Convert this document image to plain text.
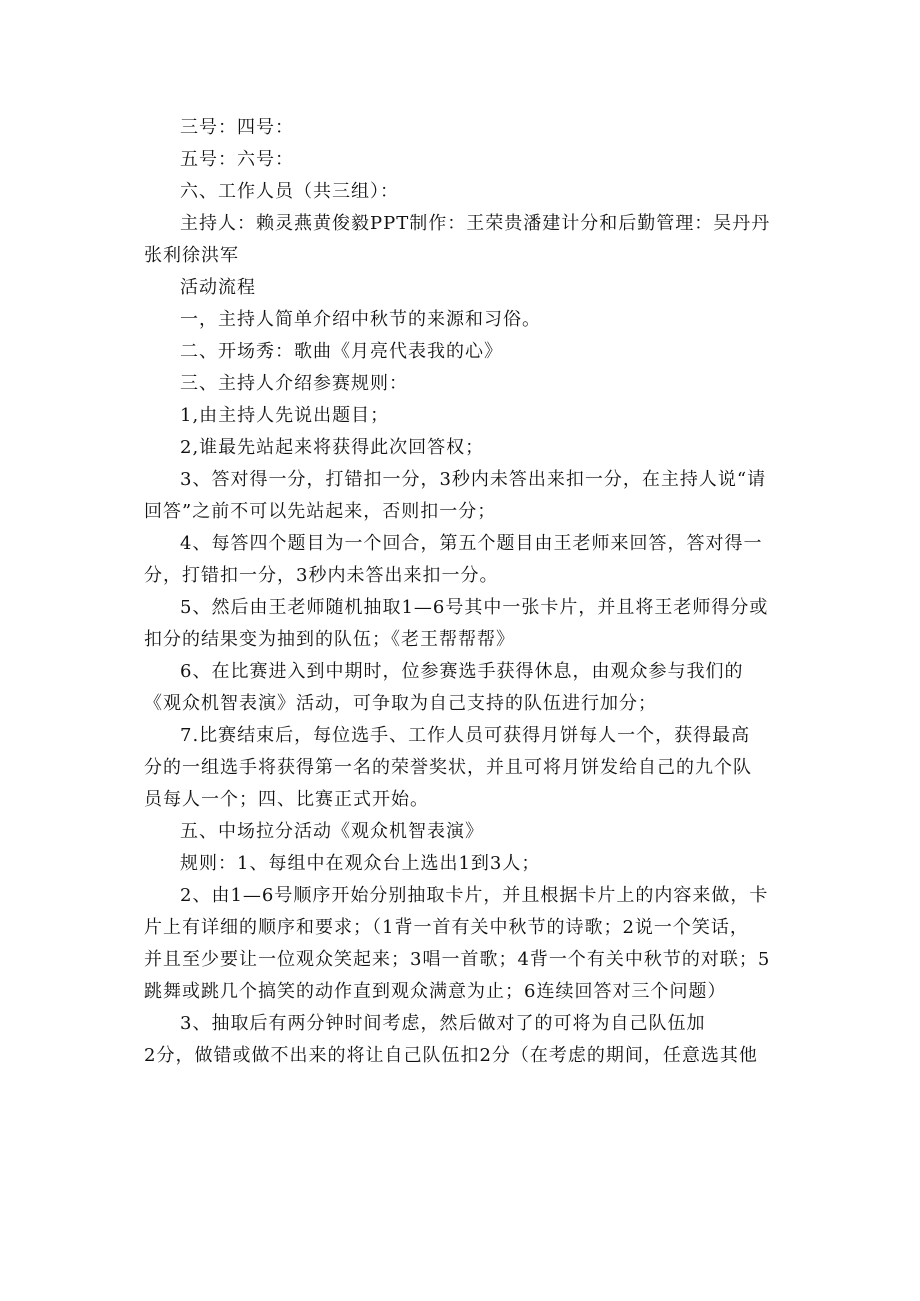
三号：四号：
五号：六号：
六、工作人员（共三组）：
主持人：赖灵燕黄俊毅PPT制作：王荣贵潘建计分和后勤管理：吴丹丹
张利徐洪军
活动流程
一，主持人简单介绍中秋节的来源和习俗。
二、开场秀：歌曲《月亮代表我的心》
三、主持人介绍参赛规则：
1,由主持人先说出题目；
2,谁最先站起来将获得此次回答权；
3、答对得一分，打错扣一分，3秒内未答出来扣一分，在主持人说“请
回答”之前不可以先站起来，否则扣一分；
4、每答四个题目为一个回合，第五个题目由王老师来回答，答对得一
分，打错扣一分，3秒内未答出来扣一分。
5、然后由王老师随机抽取1—6号其中一张卡片，并且将王老师得分或
扣分的结果变为抽到的队伍；《老王帮帮帮》
6、在比赛进入到中期时，位参赛选手获得休息，由观众参与我们的
《观众机智表演》活动，可争取为自己支持的队伍进行加分；
7.比赛结束后，每位选手、工作人员可获得月饼每人一个，获得最高
分的一组选手将获得第一名的荣誉奖状，并且可将月饼发给自己的九个队
员每人一个；四、比赛正式开始。
五、中场拉分活动《观众机智表演》
规则：1、每组中在观众台上选出1到3人；
2、由1—6号顺序开始分别抽取卡片，并且根据卡片上的内容来做，卡
片上有详细的顺序和要求；（1背一首有关中秋节的诗歌；2说一个笑话，
并且至少要让一位观众笑起来；3唱一首歌；4背一个有关中秋节的对联；5
跳舞或跳几个搞笑的动作直到观众满意为止；6连续回答对三个问题）
3、抽取后有两分钟时间考虑，然后做对了的可将为自己队伍加
2分，做错或做不出来的将让自己队伍扣2分（在考虑的期间，任意选其他
